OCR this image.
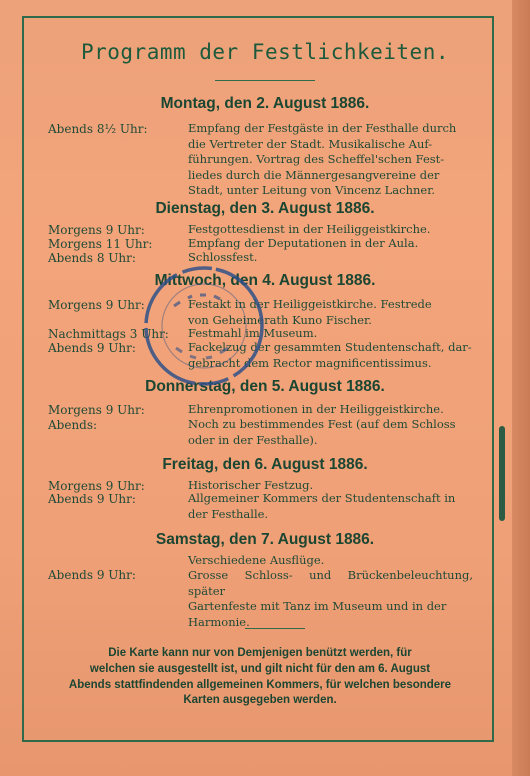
Programm der Festlichkeiten.
Montag, den 2. August 1886.
Abends 8½ Uhr:	Empfang der Festgäste in der Festhalle durch
die Vertreter der Stadt. Musikalische Auf-
führungen. Vortrag des Scheffel'schen Fest-
liedes durch die Männergesangvereine der
Stadt, unter Leitung von Vincenz Lachner.
Dienstag, den 3. August 1886.
Morgens 9 Uhr:	Festgottesdienst in der Heiliggeistkirche.
Morgens 11 Uhr:	Empfang der Deputationen in der Aula.
Abends 8 Uhr:	Schlossfest.
Mittwoch, den 4. August 1886.
Morgens 9 Uhr:	Festakt in der Heiliggeistkirche. Festrede
von Geheimerath Kuno Fischer.
Nachmittags 3 Uhr: Festmahl im Museum.
Abends 9 Uhr:	Fackelzug der gesammten Studentenschaft, dar-
gebracht dem Rector magnificentissimus.
Donnerstag, den 5. August 1886.
Morgens 9 Uhr:	Ehrenpromotionen in der Heiliggeistkirche.
Abends:	Noch zu bestimmendes Fest (auf dem Schloss
oder in der Festhalle).
Freitag, den 6. August 1886.
Morgens 9 Uhr:	Historischer Festzug.
Abends 9 Uhr:	Allgemeiner Kommers der Studentenschaft in
der Festhalle.
Samstag, den 7. August 1886.
Verschiedene Ausflüge.
Abends 9 Uhr:	Grosse Schloss- und Brückenbeleuchtung, später
Gartenfeste mit Tanz im Museum und in der
Harmonie.
Die Karte kann nur von Demjenigen benützt werden, für
welchen sie ausgestellt ist, und gilt nicht für den am 6. August
Abends stattfindenden allgemeinen Kommers, für welchen besondere
Karten ausgegeben werden.
